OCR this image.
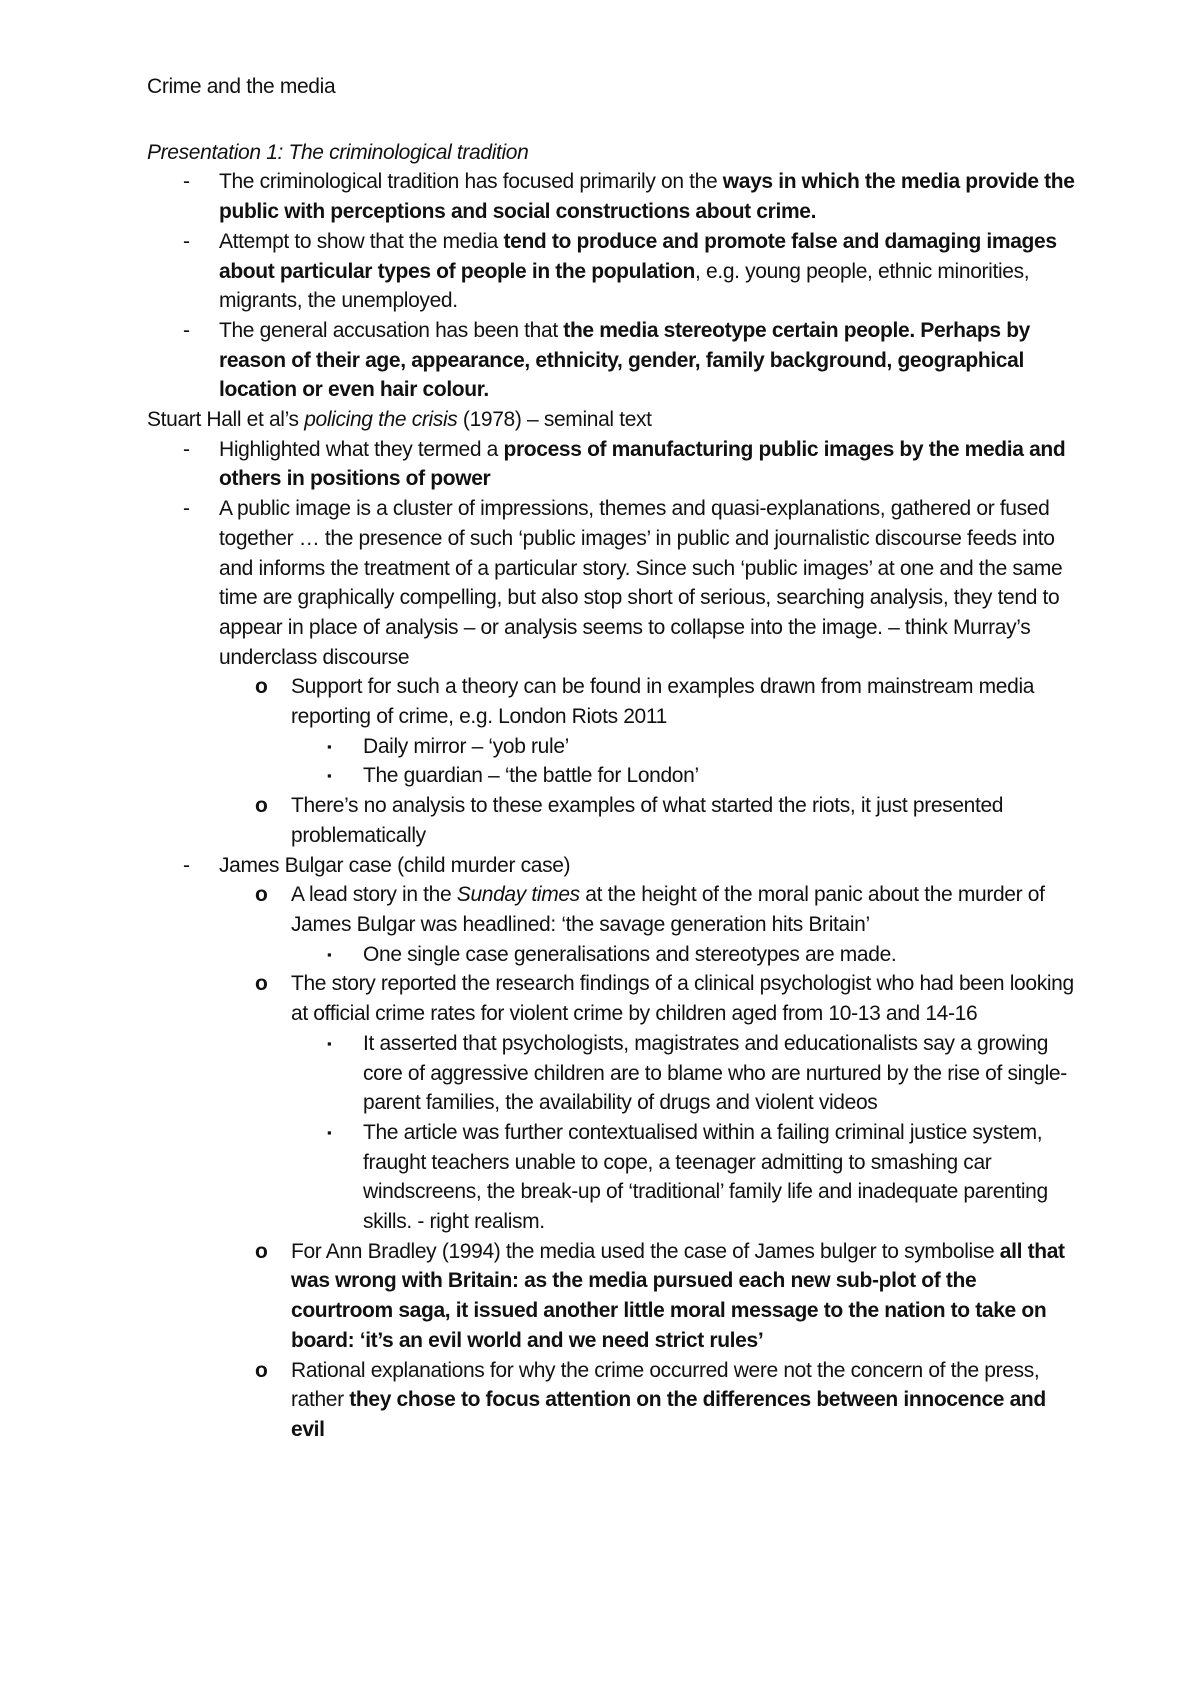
Crime and the media
Presentation 1: The criminological tradition
- The criminological tradition has focused primarily on the ways in which the media provide the public with perceptions and social constructions about crime.
- Attempt to show that the media tend to produce and promote false and damaging images about particular types of people in the population, e.g. young people, ethnic minorities, migrants, the unemployed.
- The general accusation has been that the media stereotype certain people. Perhaps by reason of their age, appearance, ethnicity, gender, family background, geographical location or even hair colour.
Stuart Hall et al’s policing the crisis (1978) – seminal text
- Highlighted what they termed a process of manufacturing public images by the media and others in positions of power
- A public image is a cluster of impressions, themes and quasi-explanations, gathered or fused together … the presence of such ‘public images’ in public and journalistic discourse feeds into and informs the treatment of a particular story. Since such ‘public images’ at one and the same time are graphically compelling, but also stop short of serious, searching analysis, they tend to appear in place of analysis – or analysis seems to collapse into the image. – think Murray’s underclass discourse
o Support for such a theory can be found in examples drawn from mainstream media reporting of crime, e.g. London Riots 2011
▪ Daily mirror – ‘yob rule’
▪ The guardian – ‘the battle for London’
o There’s no analysis to these examples of what started the riots, it just presented problematically
- James Bulgar case (child murder case)
o A lead story in the Sunday times at the height of the moral panic about the murder of James Bulgar was headlined: ‘the savage generation hits Britain’
▪ One single case generalisations and stereotypes are made.
o The story reported the research findings of a clinical psychologist who had been looking at official crime rates for violent crime by children aged from 10-13 and 14-16
▪ It asserted that psychologists, magistrates and educationalists say a growing core of aggressive children are to blame who are nurtured by the rise of single-parent families, the availability of drugs and violent videos
▪ The article was further contextualised within a failing criminal justice system, fraught teachers unable to cope, a teenager admitting to smashing car windscreens, the break-up of ‘traditional’ family life and inadequate parenting skills. - right realism.
o For Ann Bradley (1994) the media used the case of James bulger to symbolise all that was wrong with Britain: as the media pursued each new sub-plot of the courtroom saga, it issued another little moral message to the nation to take on board: ‘it’s an evil world and we need strict rules’
o Rational explanations for why the crime occurred were not the concern of the press, rather they chose to focus attention on the differences between innocence and evil
